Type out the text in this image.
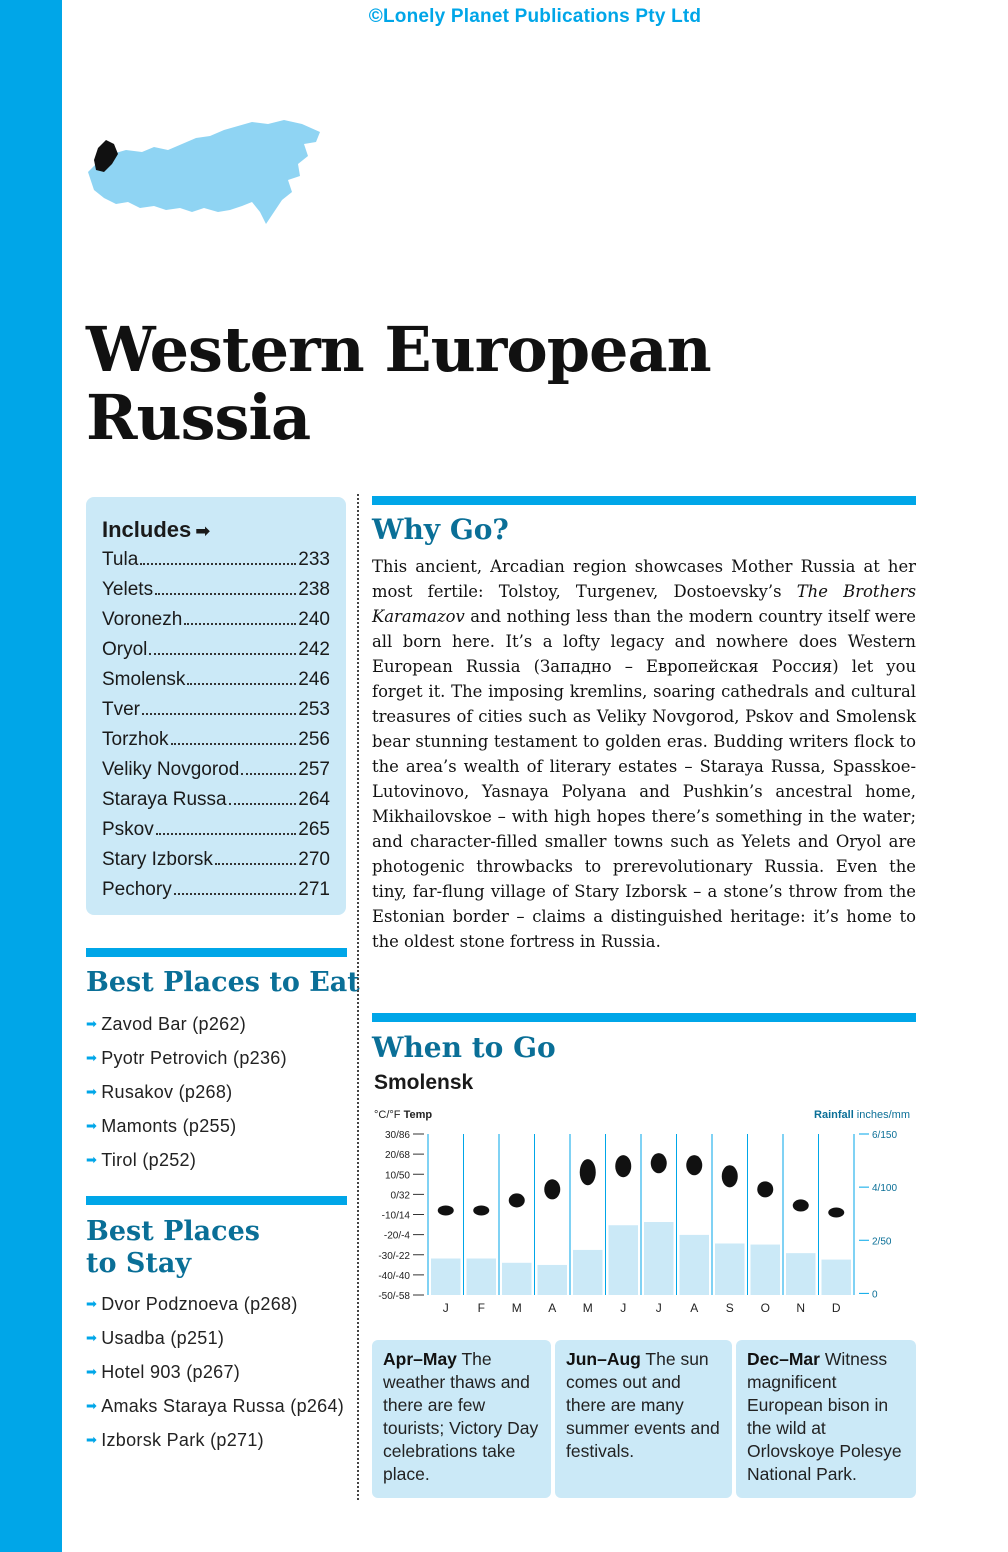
©Lonely Planet Publications Pty Ltd
Western European
Russia
Includes ➡
Tula	233
Yelets	238
Voronezh	240
Oryol	242
Smolensk	246
Tver	253
Torzhok	256
Veliky Novgorod	257
Staraya Russa	264
Pskov	265
Stary Izborsk	270
Pechory	271
Best Places to Eat
➡ Zavod Bar (p262)
➡ Pyotr Petrovich (p236)
➡ Rusakov (p268)
➡ Mamonts (p255)
➡ Tirol (p252)
Best Places
to Stay
➡ Dvor Podznoeva (p268)
➡ Usadba (p251)
➡ Hotel 903 (p267)
➡ Amaks Staraya Russa (p264)
➡ Izborsk Park (p271)
Why Go?

This ancient, Arcadian region showcases Mother Russia at her most fertile: Tolstoy, Turgenev, Dostoevsky’s The Brothers Karamazov and nothing less than the modern country itself were all born here. It’s a lofty legacy and nowhere does Western European Russia (Западно – Европейская Россия) let you forget it. The imposing kremlins, soaring cathedrals and cultural treasures of cities such as Veliky Novgorod, Pskov and Smolensk bear stunning testament to golden eras. Budding writers flock to the area’s wealth of literary estates – Staraya Russa, Spasskoe-Lutovinovo, Yasnaya Polyana and Pushkin’s ancestral home, Mikhailovskoe – with high hopes there’s something in the water; and character-filled smaller towns such as Yelets and Oryol are photogenic throwbacks to prerevolutionary Russia. Even the tiny, far-flung village of Stary Izborsk – a stone’s throw from the Estonian border – claims a distinguished heritage: it’s home to the oldest stone fortress in Russia.

When to Go
Smolensk
°C/°F Temp	Rainfall inches/mm
30/86
20/68
10/50
0/32
-10/14
-20/-4
-30/-22
-40/-40
-50/-58
6/150
4/100
2/50
0
J F M A M J J A S O N D
Apr–May The weather thaws and there are few tourists; Victory Day celebrations take place.
Jun–Aug The sun comes out and there are many summer events and festivals.
Dec–Mar Witness magnificent European bison in the wild at Orlovskoye Polesye National Park.
